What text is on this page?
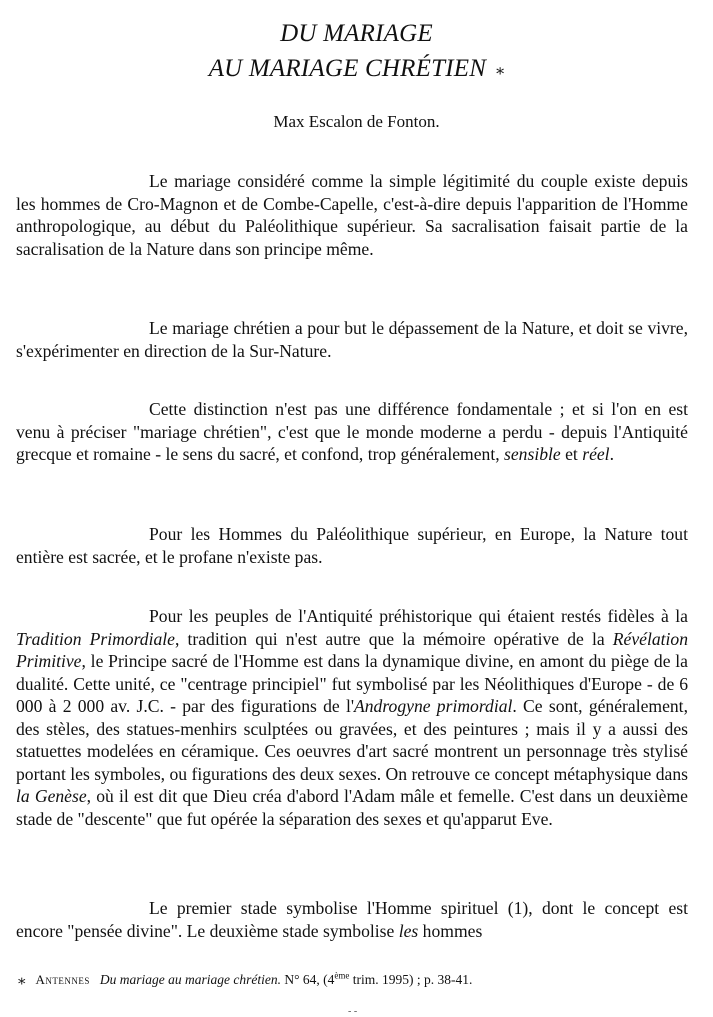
DU MARIAGE
AU MARIAGE CHRÉTIEN ⁎
Max Escalon de Fonton.

Le mariage considéré comme la simple légitimité du couple existe depuis les hommes de Cro-Magnon et de Combe-Capelle, c'est-à-dire depuis l'apparition de l'Homme anthropologique, au début du Paléolithique supérieur. Sa sacralisation faisait partie de la sacralisation de la Nature dans son principe même.

Le mariage chrétien a pour but le dépassement de la Nature, et doit se vivre, s'expérimenter en direction de la Sur-Nature.

Cette distinction n'est pas une différence fondamentale ; et si l'on en est venu à préciser "mariage chrétien", c'est que le monde moderne a perdu - depuis l'Antiquité grecque et romaine - le sens du sacré, et confond, trop généralement, sensible et réel.

Pour les Hommes du Paléolithique supérieur, en Europe, la Nature tout entière est sacrée, et le profane n'existe pas.

Pour les peuples de l'Antiquité préhistorique qui étaient restés fidèles à la Tradition Primordiale, tradition qui n'est autre que la mémoire opérative de la Révélation Primitive, le Principe sacré de l'Homme est dans la dynamique divine, en amont du piège de la dualité. Cette unité, ce "centrage principiel" fut symbolisé par les Néolithiques d'Europe - de 6 000 à 2 000 av. J.C. - par des figurations de l'Androgyne primordial. Ce sont, généralement, des stèles, des statues-menhirs sculptées ou gravées, et des peintures ; mais il y a aussi des statuettes modelées en céramique. Ces oeuvres d'art sacré montrent un personnage très stylisé portant les symboles, ou figurations des deux sexes. On retrouve ce concept métaphysique dans la Genèse, où il est dit que Dieu créa d'abord l'Adam mâle et femelle. C'est dans un deuxième stade de "descente" que fut opérée la séparation des sexes et qu'apparut Eve.

Le premier stade symbolise l'Homme spirituel (1), dont le concept est encore "pensée divine". Le deuxième stade symbolise les hommes

⁎ Antennes Du mariage au mariage chrétien. N° 64, (4ème trim. 1995) ; p. 38-41.
- -
